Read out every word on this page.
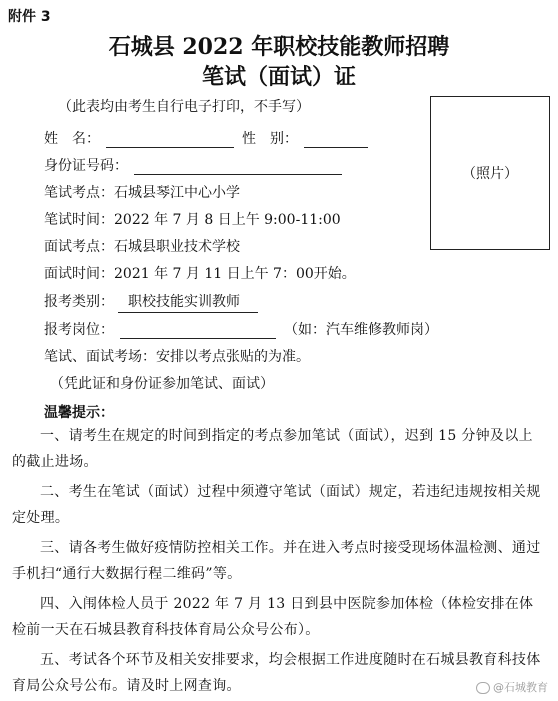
附件 3
石城县 2022 年职校技能教师招聘
笔试（面试）证
（此表均由考生自行电子打印，不手写）
（照片）
姓　名：	性　别：
身份证号码：
笔试考点：石城县琴江中心小学
笔试时间：2022 年 7 月 8 日上午 9:00-11:00
面试考点：石城县职业技术学校
面试时间：2021 年 7 月 11 日上午 7：00开始。
报考类别： 职校技能实训教师
报考岗位：	（如：汽车维修教师岗）
笔试、面试考场：安排以考点张贴的为准。
（凭此证和身份证参加笔试、面试）
温馨提示：
一、请考生在规定的时间到指定的考点参加笔试（面试），迟到 15 分钟及以上的截止进场。
二、考生在笔试（面试）过程中须遵守笔试（面试）规定，若违纪违规按相关规定处理。
三、请各考生做好疫情防控相关工作。并在进入考点时接受现场体温检测、通过手机扫“通行大数据行程二维码”等。
四、入闱体检人员于 2022 年 7 月 13 日到县中医院参加体检（体检安排在体检前一天在石城县教育科技体育局公众号公布）。
五、考试各个环节及相关安排要求，均会根据工作进度随时在石城县教育科技体育局公众号公布。请及时上网查询。	@石城教育
